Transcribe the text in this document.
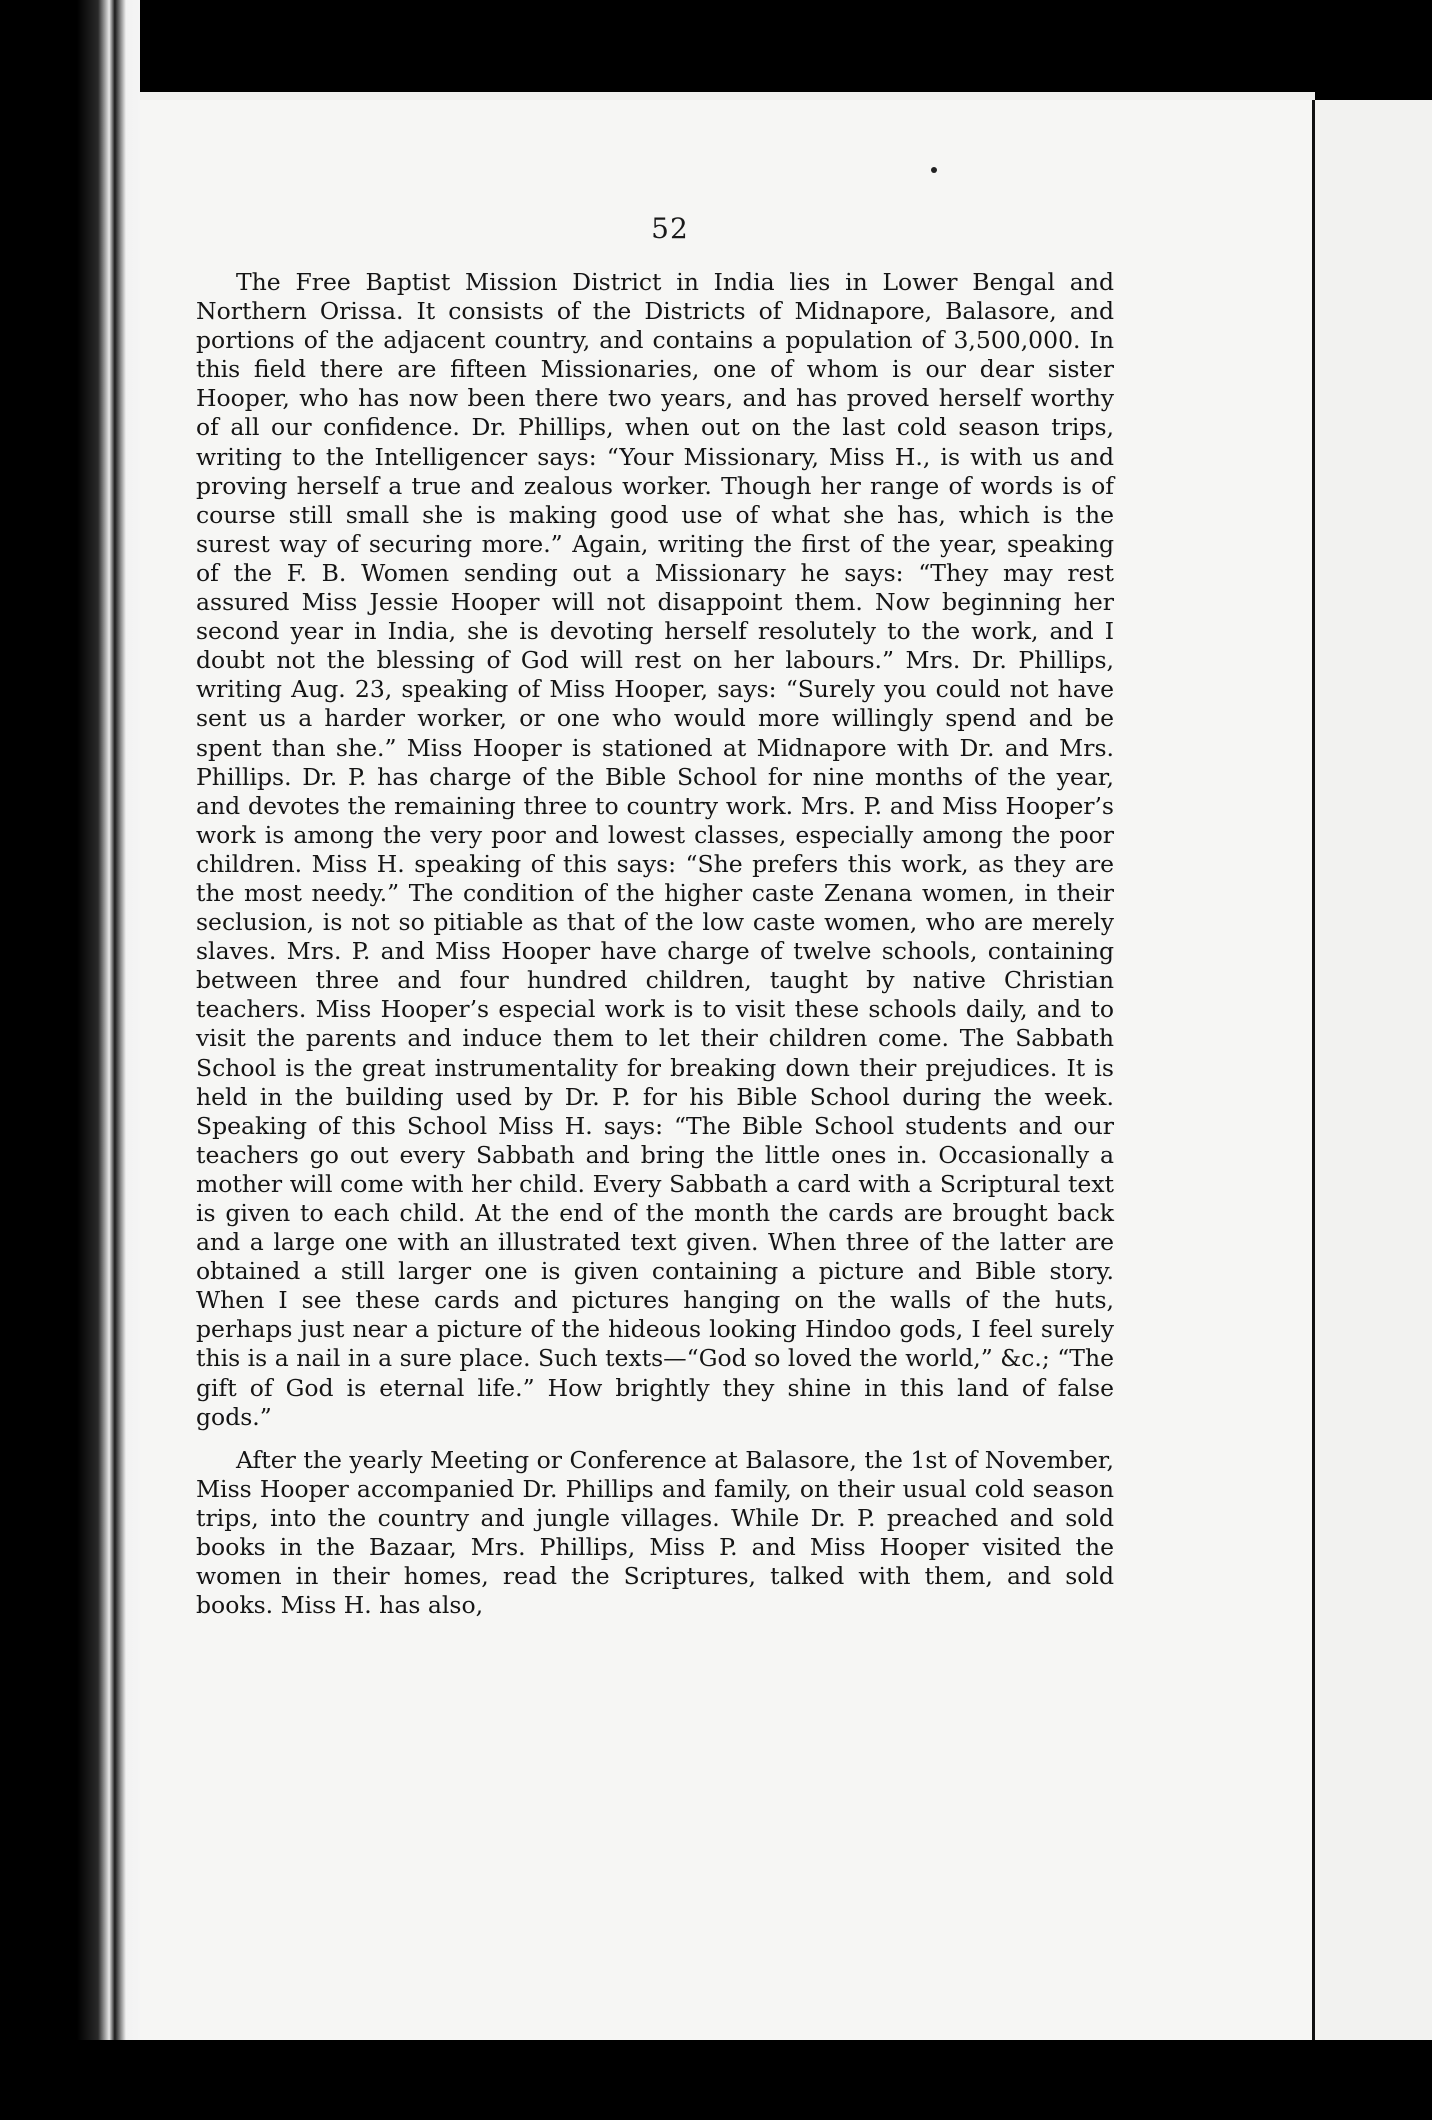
52

The Free Baptist Mission District in India lies in Lower Bengal and Northern Orissa. It consists of the Districts of Midnapore, Balasore, and portions of the adjacent country, and contains a population of 3,500,000. In this field there are fifteen Missionaries, one of whom is our dear sister Hooper, who has now been there two years, and has proved herself worthy of all our confidence. Dr. Phillips, when out on the last cold season trips, writing to the Intelligencer says: “Your Missionary, Miss H., is with us and proving herself a true and zealous worker. Though her range of words is of course still small she is making good use of what she has, which is the surest way of securing more.” Again, writing the first of the year, speaking of the F. B. Women sending out a Missionary he says: “They may rest assured Miss Jessie Hooper will not disappoint them. Now beginning her second year in India, she is devoting herself resolutely to the work, and I doubt not the blessing of God will rest on her labours.” Mrs. Dr. Phillips, writing Aug. 23, speaking of Miss Hooper, says: “Surely you could not have sent us a harder worker, or one who would more willingly spend and be spent than she.” Miss Hooper is stationed at Midnapore with Dr. and Mrs. Phillips. Dr. P. has charge of the Bible School for nine months of the year, and devotes the remaining three to country work. Mrs. P. and Miss Hooper’s work is among the very poor and lowest classes, especially among the poor children. Miss H. speaking of this says: “She prefers this work, as they are the most needy.” The condition of the higher caste Zenana women, in their seclusion, is not so pitiable as that of the low caste women, who are merely slaves. Mrs. P. and Miss Hooper have charge of twelve schools, containing between three and four hundred children, taught by native Christian teachers. Miss Hooper’s especial work is to visit these schools daily, and to visit the parents and induce them to let their children come. The Sabbath School is the great instrumentality for breaking down their prejudices. It is held in the building used by Dr. P. for his Bible School during the week. Speaking of this School Miss H. says: “The Bible School students and our teachers go out every Sabbath and bring the little ones in. Occasionally a mother will come with her child. Every Sabbath a card with a Scriptural text is given to each child. At the end of the month the cards are brought back and a large one with an illustrated text given. When three of the latter are obtained a still larger one is given containing a picture and Bible story. When I see these cards and pictures hanging on the walls of the huts, perhaps just near a picture of the hideous looking Hindoo gods, I feel surely this is a nail in a sure place. Such texts—“God so loved the world,” &c.; “The gift of God is eternal life.” How brightly they shine in this land of false gods.”

After the yearly Meeting or Conference at Balasore, the 1st of November, Miss Hooper accompanied Dr. Phillips and family, on their usual cold season trips, into the country and jungle villages. While Dr. P. preached and sold books in the Bazaar, Mrs. Phillips, Miss P. and Miss Hooper visited the women in their homes, read the Scriptures, talked with them, and sold books. Miss H. has also,
